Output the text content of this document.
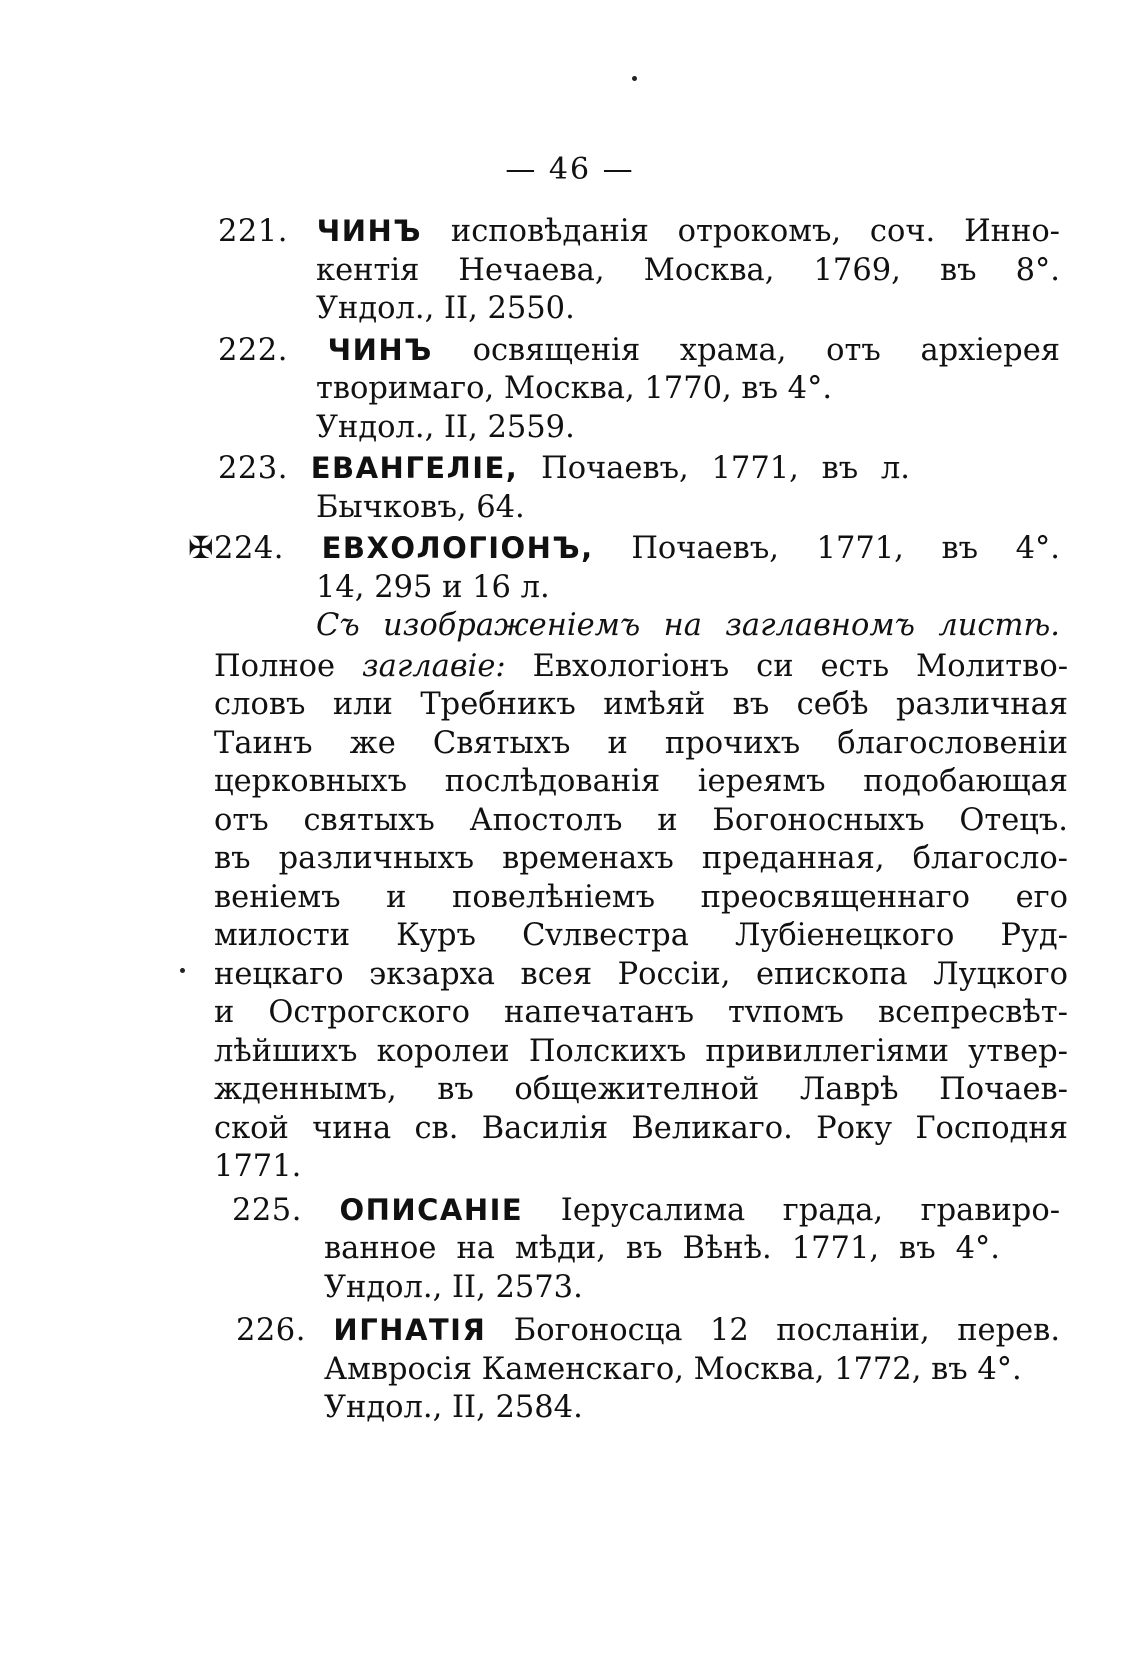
— 46 —
221. ЧИНЪ исповѣданія отрокомъ, соч. Инно-
кентія Нечаева, Москва, 1769, въ 8°.
Ундол., II, 2550.
222. ЧИНЪ освященія храма, отъ архіерея
творимаго, Москва, 1770, въ 4°.
Ундол., II, 2559.
223. ЕВАНГЕЛІЕ, Почаевъ, 1771, въ л.
Бычковъ, 64.
✠224. ЕВХОЛОГІОНЪ, Почаевъ, 1771, въ 4°.
14, 295 и 16 л.
Съ изображеніемъ на заглавномъ листѣ.
Полное заглавіе: Евхологіонъ си есть Молитво-
словъ или Требникъ имѣяй въ себѣ различная
Таинъ же Святыхъ и прочихъ благословеніи
церковныхъ послѣдованія іереямъ подобающая
отъ святыхъ Апостолъ и Богоносныхъ Отецъ.
въ различныхъ временахъ преданная, благосло-
веніемъ и повелѣніемъ преосвященнаго его
милости Кyръ Сvлвестра Лубіенецкого Руд-
нецкаго экзарха всея Россіи, епископа Луцкого
и Острогского напечатанъ тvпомъ всепресвѣт-
лѣйшихъ королеи Полскихъ привиллегіями утвер-
жденнымъ, въ общежителной Лаврѣ Почаев-
ской чина св. Василія Великаго. Року Господня
1771.
225. ОПИСАНІЕ Іерусалима града, гравиро-
ванное на мѣди, въ Вѣнѣ. 1771, въ 4°.
Ундол., II, 2573.
226. ИГНАТІЯ Богоносца 12 посланіи, перев.
Амвросія Каменскаго, Москва, 1772, въ 4°.
Ундол., II, 2584.
